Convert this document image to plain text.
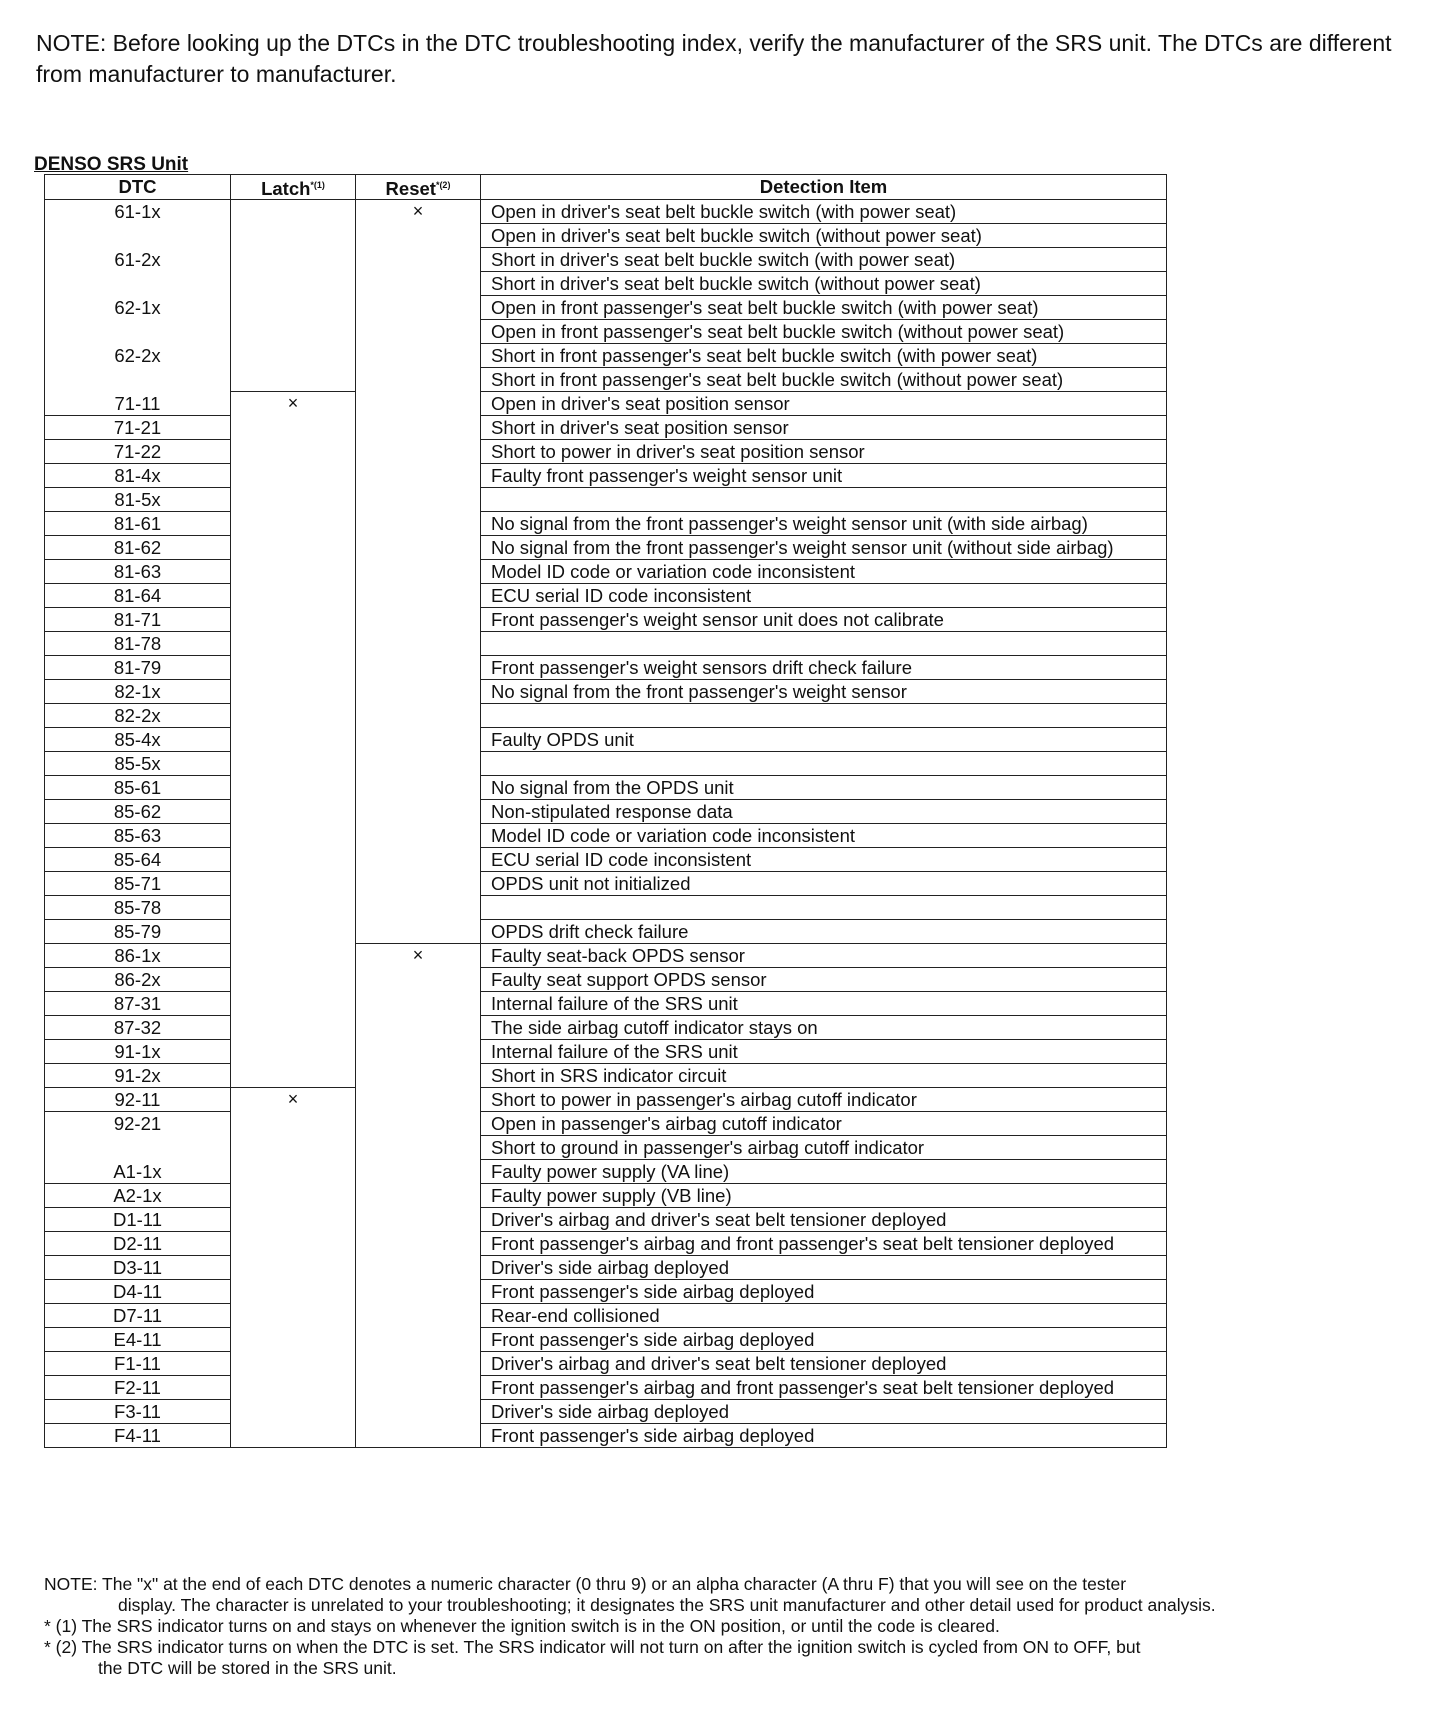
NOTE: Before looking up the DTCs in the DTC troubleshooting index, verify the manufacturer of the SRS unit. The DTCs are different from manufacturer to manufacturer.
DENSO SRS Unit
DTC	Latch$^{*(1)}$	Reset$^{*(2)}$	Detection Item
61-1x		×	Open in driver's seat belt buckle switch (with power seat)
			Open in driver's seat belt buckle switch (without power seat)
61-2x			Short in driver's seat belt buckle switch (with power seat)
			Short in driver's seat belt buckle switch (without power seat)
62-1x			Open in front passenger's seat belt buckle switch (with power seat)
			Open in front passenger's seat belt buckle switch (without power seat)
62-2x			Short in front passenger's seat belt buckle switch (with power seat)
			Short in front passenger's seat belt buckle switch (without power seat)
71-11	×		Open in driver's seat position sensor
71-21			Short in driver's seat position sensor
71-22			Short to power in driver's seat position sensor
81-4x			Faulty front passenger's weight sensor unit
81-5x			
81-61			No signal from the front passenger's weight sensor unit (with side airbag)
81-62			No signal from the front passenger's weight sensor unit (without side airbag)
81-63			Model ID code or variation code inconsistent
81-64			ECU serial ID code inconsistent
81-71			Front passenger's weight sensor unit does not calibrate
81-78			
81-79			Front passenger's weight sensors drift check failure
82-1x			No signal from the front passenger's weight sensor
82-2x			
85-4x			Faulty OPDS unit
85-5x			
85-61			No signal from the OPDS unit
85-62			Non-stipulated response data
85-63			Model ID code or variation code inconsistent
85-64			ECU serial ID code inconsistent
85-71			OPDS unit not initialized
85-78			
85-79			OPDS drift check failure
86-1x		×	Faulty seat-back OPDS sensor
86-2x			Faulty seat support OPDS sensor
87-31			Internal failure of the SRS unit
87-32			The side airbag cutoff indicator stays on
91-1x			Internal failure of the SRS unit
91-2x			Short in SRS indicator circuit
92-11	×		Short to power in passenger's airbag cutoff indicator
92-21			Open in passenger's airbag cutoff indicator
			Short to ground in passenger's airbag cutoff indicator
A1-1x			Faulty power supply (VA line)
A2-1x			Faulty power supply (VB line)
D1-11			Driver's airbag and driver's seat belt tensioner deployed
D2-11			Front passenger's airbag and front passenger's seat belt tensioner deployed
D3-11			Driver's side airbag deployed
D4-11			Front passenger's side airbag deployed
D7-11			Rear-end collisioned
E4-11			Front passenger's side airbag deployed
F1-11			Driver's airbag and driver's seat belt tensioner deployed
F2-11			Front passenger's airbag and front passenger's seat belt tensioner deployed
F3-11			Driver's side airbag deployed
F4-11			Front passenger's side airbag deployed

NOTE: The "x" at the end of each DTC denotes a numeric character (0 thru 9) or an alpha character (A thru F) that you will see on the tester

display. The character is unrelated to your troubleshooting; it designates the SRS unit manufacturer and other detail used for product analysis.

* (1) The SRS indicator turns on and stays on whenever the ignition switch is in the ON position, or until the code is cleared.

* (2) The SRS indicator turns on when the DTC is set. The SRS indicator will not turn on after the ignition switch is cycled from ON to OFF, but

the DTC will be stored in the SRS unit.
